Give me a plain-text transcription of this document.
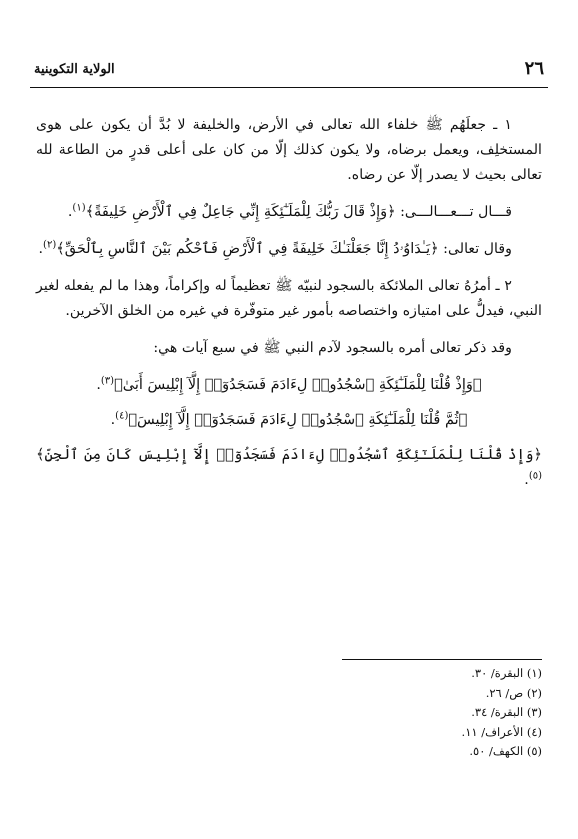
٢٦
الولاية التكوينية

١ ـ جعلَهُم ﷺ خلفاء الله تعالى في الأرض، والخليفة لا بُدَّ أن يكون على هوى المستخلِف، ويعمل برضاه، ولا يكون كذلك إلّا من كان على أعلى قدرٍ من الطاعة لله تعالى بحيث لا يصدر إلّا عن رضاه.

قـــال تـــعـــالـــى: ﴿وَإِذْ قَالَ رَبُّكَ لِلْمَلَـٰٓئِكَةِ إِنِّي جَاعِلٌ فِي ٱلْأَرْضِ خَلِيفَةً﴾$^{(١)}$.

وقال تعالى: ﴿يَـٰدَاوُۥدُ إِنَّا جَعَلْنَـٰكَ خَلِيفَةً فِي ٱلْأَرْضِ فَٱحْكُم بَيْنَ ٱلنَّاسِ بِٱلْحَقِّ﴾$^{(٢)}$.

٢ ـ أمرُهُ تعالى الملائكة بالسجود لنبيّه ﷺ تعظيماً له وإكراماً، وهذا ما لم يفعله لغير النبي، فيدلُّ على امتيازه واختصاصه بأمور غير متوفّرة في غيره من الخلق الآخرين.

وقد ذكر تعالى أمره بالسجود لآدم النبي ﷺ في سبع آيات هي:

﴿وَإِذْ قُلْنَا لِلْمَلَـٰٓئِكَةِ ٱسْجُدُوا۟ لِءَادَمَ فَسَجَدُوٓا۟ إِلَّآ إِبْلِيسَ أَبَىٰ﴾$^{(٣)}$.

﴿ثُمَّ قُلْنَا لِلْمَلَـٰٓئِكَةِ ٱسْجُدُوا۟ لِءَادَمَ فَسَجَدُوٓا۟ إِلَّآ إِبْلِيسَ﴾$^{(٤)}$.

﴿وَإِذْ قُلْنَا لِلْمَلَـٰٓئِكَةِ ٱسْجُدُوا۟ لِءَادَمَ فَسَجَدُوٓا۟ إِلَّآ إِبْلِيسَ كَانَ مِنَ ٱلْجِنِّ﴾$^{(٥)}$.

(١) البقرة/ ٣٠.

(٢) ص/ ٢٦.

(٣) البقرة/ ٣٤.

(٤) الأعراف/ ١١.

(٥) الكهف/ ٥٠.
